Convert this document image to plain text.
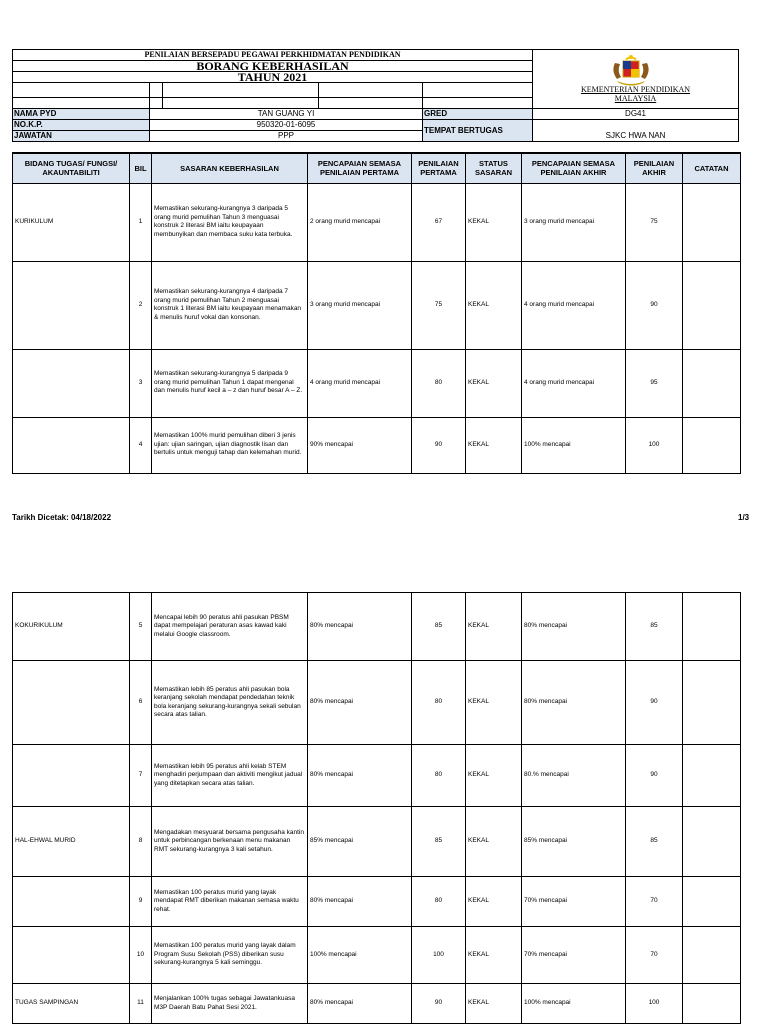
PENILAIAN BERSEPADU PEGAWAI PERKHIDMATAN PENDIDIKAN					KEMENTERIAN PENDIDIKAN
MALAYSIA

BORANG KEBERHASILAN					
TAHUN 2021					

NAMA PYD	TAN GUANG YI			GRED	DG41
NO.K.P.	950320-01-6095			TEMPAT BERTUGAS	SJKC HWA NAN
JAWATAN	PPP				
BIDANG TUGAS/ FUNGSI/ AKAUNTABILITI	BIL	SASARAN KEBERHASILAN	PENCAPAIAN SEMASA PENILAIAN PERTAMA	PENILAIAN PERTAMA	STATUS SASARAN	PENCAPAIAN SEMASA PENILAIAN AKHIR	PENILAIAN AKHIR	CATATAN
KURIKULUM	1	Memastikan sekurang-kurangnya 3 daripada 5 orang murid pemulihan Tahun 3 menguasai konstruk 2 literasi BM iaitu keupayaan membunyikan dan membaca suku kata terbuka.	2 orang murid mencapai	67	KEKAL	3 orang murid mencapai	75	
	2	Memastikan sekurang-kurangnya 4 daripada 7 orang murid pemulihan Tahun 2 menguasai konstruk 1 literasi BM iaitu keupayaan menamakan & menulis huruf vokal dan konsonan.	3 orang murid mencapai	75	KEKAL	4 orang murid mencapai	90	
	3	Memastikan sekurang-kurangnya 5 daripada 9 orang murid pemulihan Tahun 1 dapat mengenal dan menulis huruf kecil a – z dan huruf besar A – Z.	4 orang murid mencapai	80	KEKAL	4 orang murid mencapai	95	
	4	Memastikan 100% murid pemulihan diberi 3 jenis ujian: ujian saringan, ujian diagnostik lisan dan bertulis untuk menguji tahap dan kelemahan murid.	90% mencapai	90	KEKAL	100% mencapai	100	
Tarikh Dicetak: 04/18/2022	1/3
KOKURIKULUM	5	Mencapai lebih 90 peratus ahli pasukan PBSM dapat mempelajari peraturan asas kawad kaki melalui Google classroom.	80% mencapai	85	KEKAL	80% mencapai	85	
	6	Memastikan lebih 85 peratus ahli pasukan bola keranjang sekolah mendapat pendedahan teknik bola keranjang sekurang-kurangnya sekali sebulan secara atas talian.	80% mencapai	80	KEKAL	80% mencapai	90	
	7	Memastikan lebih 95 peratus ahli kelab STEM menghadiri perjumpaan dan aktiviti mengikut jadual yang ditetapkan secara atas talian.	80% mencapai	80	KEKAL	80.% mencapai	90	
HAL-EHWAL MURID	8	Mengadakan mesyuarat bersama pengusaha kantin untuk perbincangan berkenaan menu makanan RMT sekurang-kurangnya 3 kali setahun.	85% mencapai	85	KEKAL	85% mencapai	85	
	9	Memastikan 100 peratus murid yang layak mendapat RMT diberikan makanan semasa waktu rehat.	80% mencapai	80	KEKAL	70% mencapai	70	
	10	Memastikan 100 peratus murid yang layak dalam Program Susu Sekolah (PSS) diberikan susu sekurang-kurangnya 5 kali seminggu.	100% mencapai	100	KEKAL	70% mencapai	70	
TUGAS SAMPINGAN	11	Menjalankan 100% tugas sebagai Jawatankuasa M3P Daerah Batu Pahat Sesi 2021.	80% mencapai	90	KEKAL	100% mencapai	100	
